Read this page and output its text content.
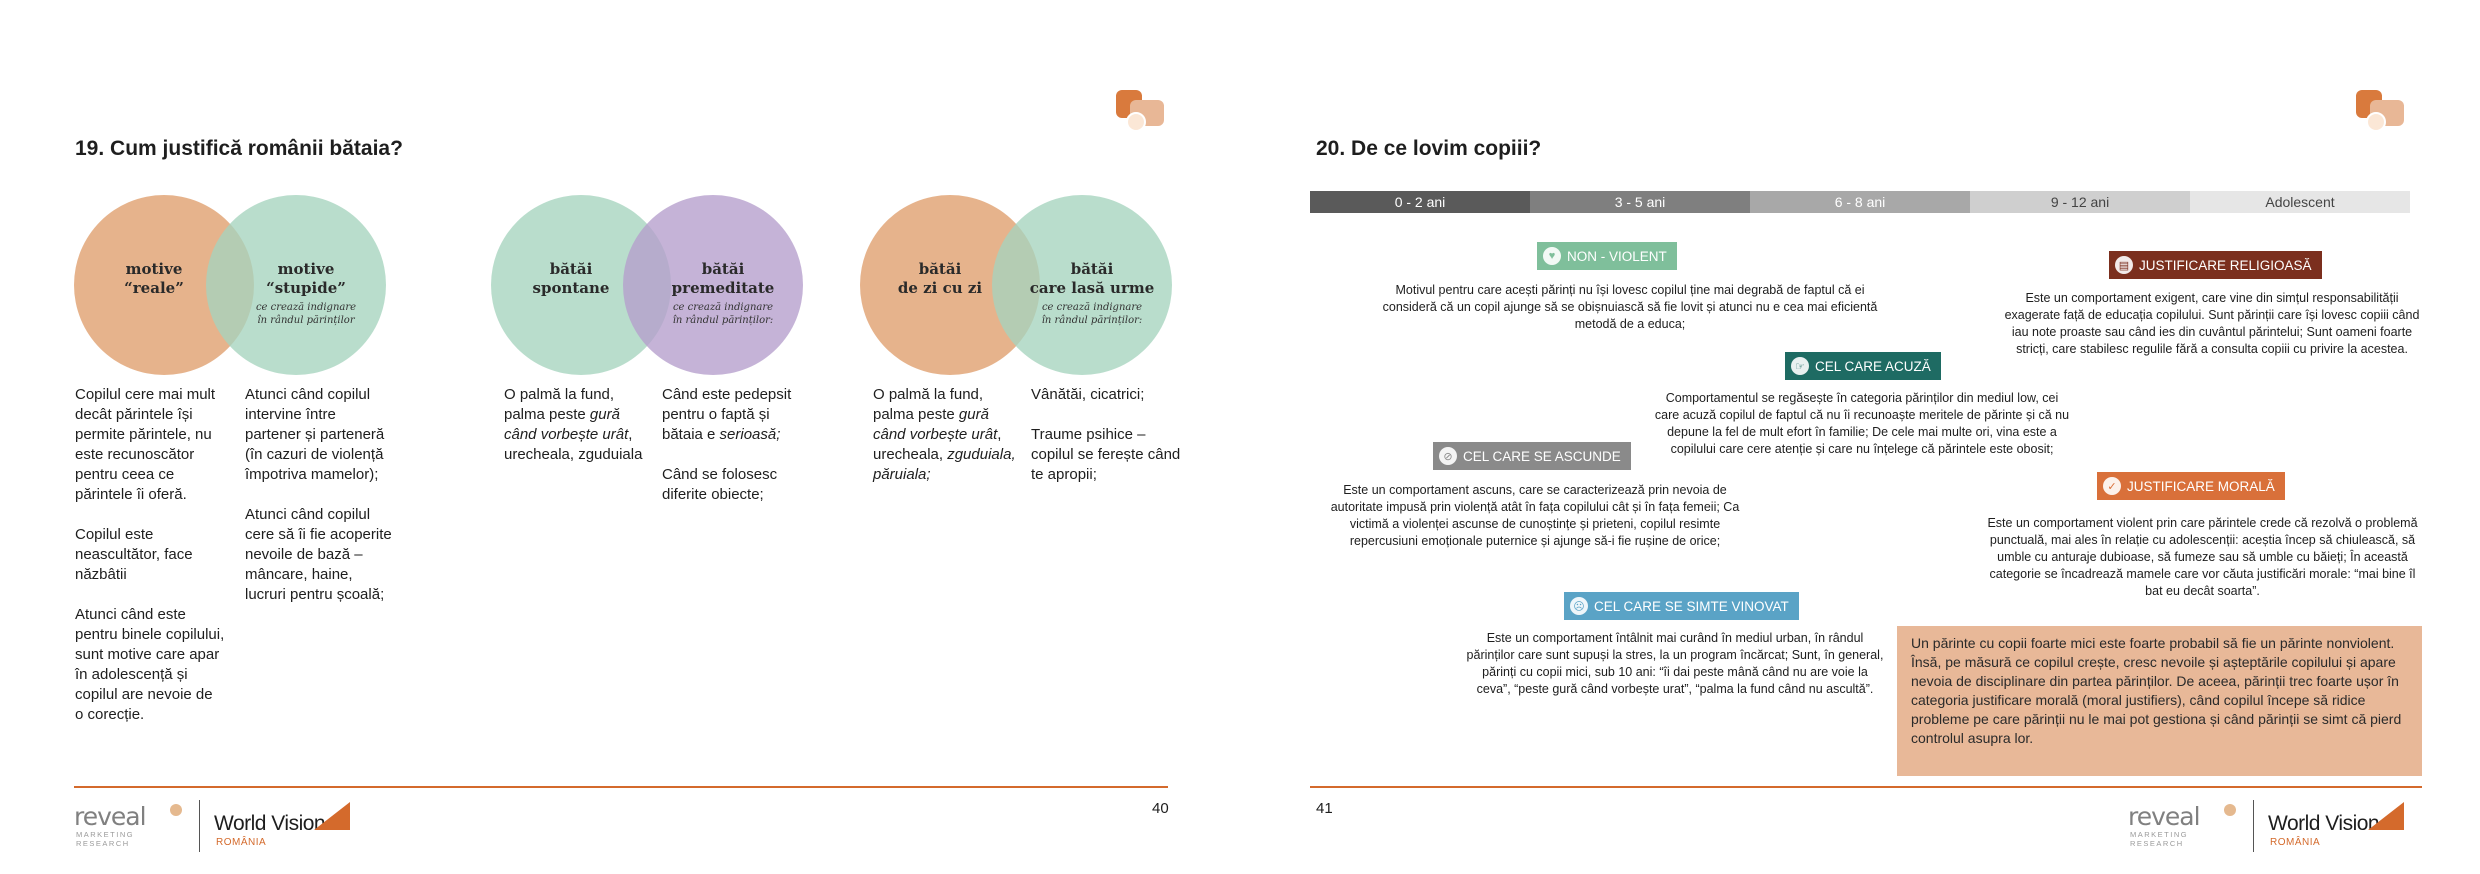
19. Cum justifică românii bătaia?
motive
“reale”
motive
“stupide”
ce crează indignare
în rândul părinților

Copilul cere mai mult decât părintele își permite părintele, nu este recunoscător pentru ceea ce părintele îi oferă.

Copilul este neascultător, face năzbâtii

Atunci când este pentru binele copilului, sunt motive care apar în adolescență și copilul are nevoie de o corecție.

Atunci când copilul intervine între partener și parteneră (în cazuri de violență împotriva mamelor);

Atunci când copilul cere să îi fie acoperite nevoile de bază – mâncare, haine, lucruri pentru școală;

bătăi
spontane
bătăi
premeditate
ce crează indignare
în rândul părinților:

O palmă la fund, palma peste gură când vorbește urât, urecheala, zguduiala

Când este pedepsit pentru o faptă și bătaia e serioasă;

Când se folosesc diferite obiecte;

bătăi
de zi cu zi
bătăi
care lasă urme
ce crează indignare
în rândul părinților:

O palmă la fund, palma peste gură când vorbește urât, urecheala, zguduiala, păruiala;

Vânătăi, cicatrici;

Traume psihice – copilul se ferește când te apropii;

40
reveal
MARKETING
RESEARCH
World Vision
ROMÂNIA
20. De ce lovim copiii?
0 - 2 ani	3 - 5 ani	6 - 8 ani	9 - 12 ani	Adolescent
♥ NON - VIOLENT
Motivul pentru care acești părinți nu își lovesc copilul ține mai degrabă de faptul că ei consideră că un copil ajunge să se obișnuiască să fie lovit și atunci nu e cea mai eficientă metodă de a educa;
▤ JUSTIFICARE RELIGIOASĂ
Este un comportament exigent, care vine din simțul responsabilității exagerate față de educația copilului. Sunt părinții care își lovesc copiii când iau note proaste sau când ies din cuvântul părintelui; Sunt oameni foarte stricți, care stabilesc regulile fără a consulta copiii cu privire la acestea.
☞ CEL CARE ACUZĂ
Comportamentul se regăsește în categoria părinților din mediul low, cei care acuză copilul de faptul că nu îi recunoaște meritele de părinte și că nu depune la fel de mult efort în familie; De cele mai multe ori, vina este a copilului care cere atenție și care nu înțelege că părintele este obosit;
⊘ CEL CARE SE ASCUNDE
Este un comportament ascuns, care se caracterizează prin nevoia de autoritate impusă prin violență atât în fața copilului cât și în fața femeii; Ca victimă a violenței ascunse de cunoștințe și prieteni, copilul resimte repercusiuni emoționale puternice și ajunge să-i fie rușine de orice;
✓ JUSTIFICARE MORALĂ
Este un comportament violent prin care părintele crede că rezolvă o problemă punctuală, mai ales în relație cu adolescenții: aceștia încep să chiulească, să umble cu anturaje dubioase, să fumeze sau să umble cu băieți; În această categorie se încadrează mamele care vor căuta justificări morale: “mai bine îl bat eu decât soarta”.
☹ CEL CARE SE SIMTE VINOVAT
Este un comportament întâlnit mai curând în mediul urban, în rândul părinților care sunt supuși la stres, la un program încărcat; Sunt, în general, părinți cu copii mici, sub 10 ani: “îi dai peste mână când nu are voie la ceva”, “peste gură când vorbește urat”, “palma la fund când nu ascultă”.
Un părinte cu copii foarte mici este foarte probabil să fie un părinte nonviolent.
Însă, pe măsură ce copilul crește, cresc nevoile și așteptările copilului și apare nevoia de disciplinare din partea părinților. De aceea, părinții trec foarte ușor în categoria justificare morală (moral justifiers), când copilul începe să ridice probleme pe care părinții nu le mai pot gestiona și când părinții se simt că pierd controlul asupra lor.
41	reveal
MARKETING
RESEARCH
World Vision
ROMÂNIA
